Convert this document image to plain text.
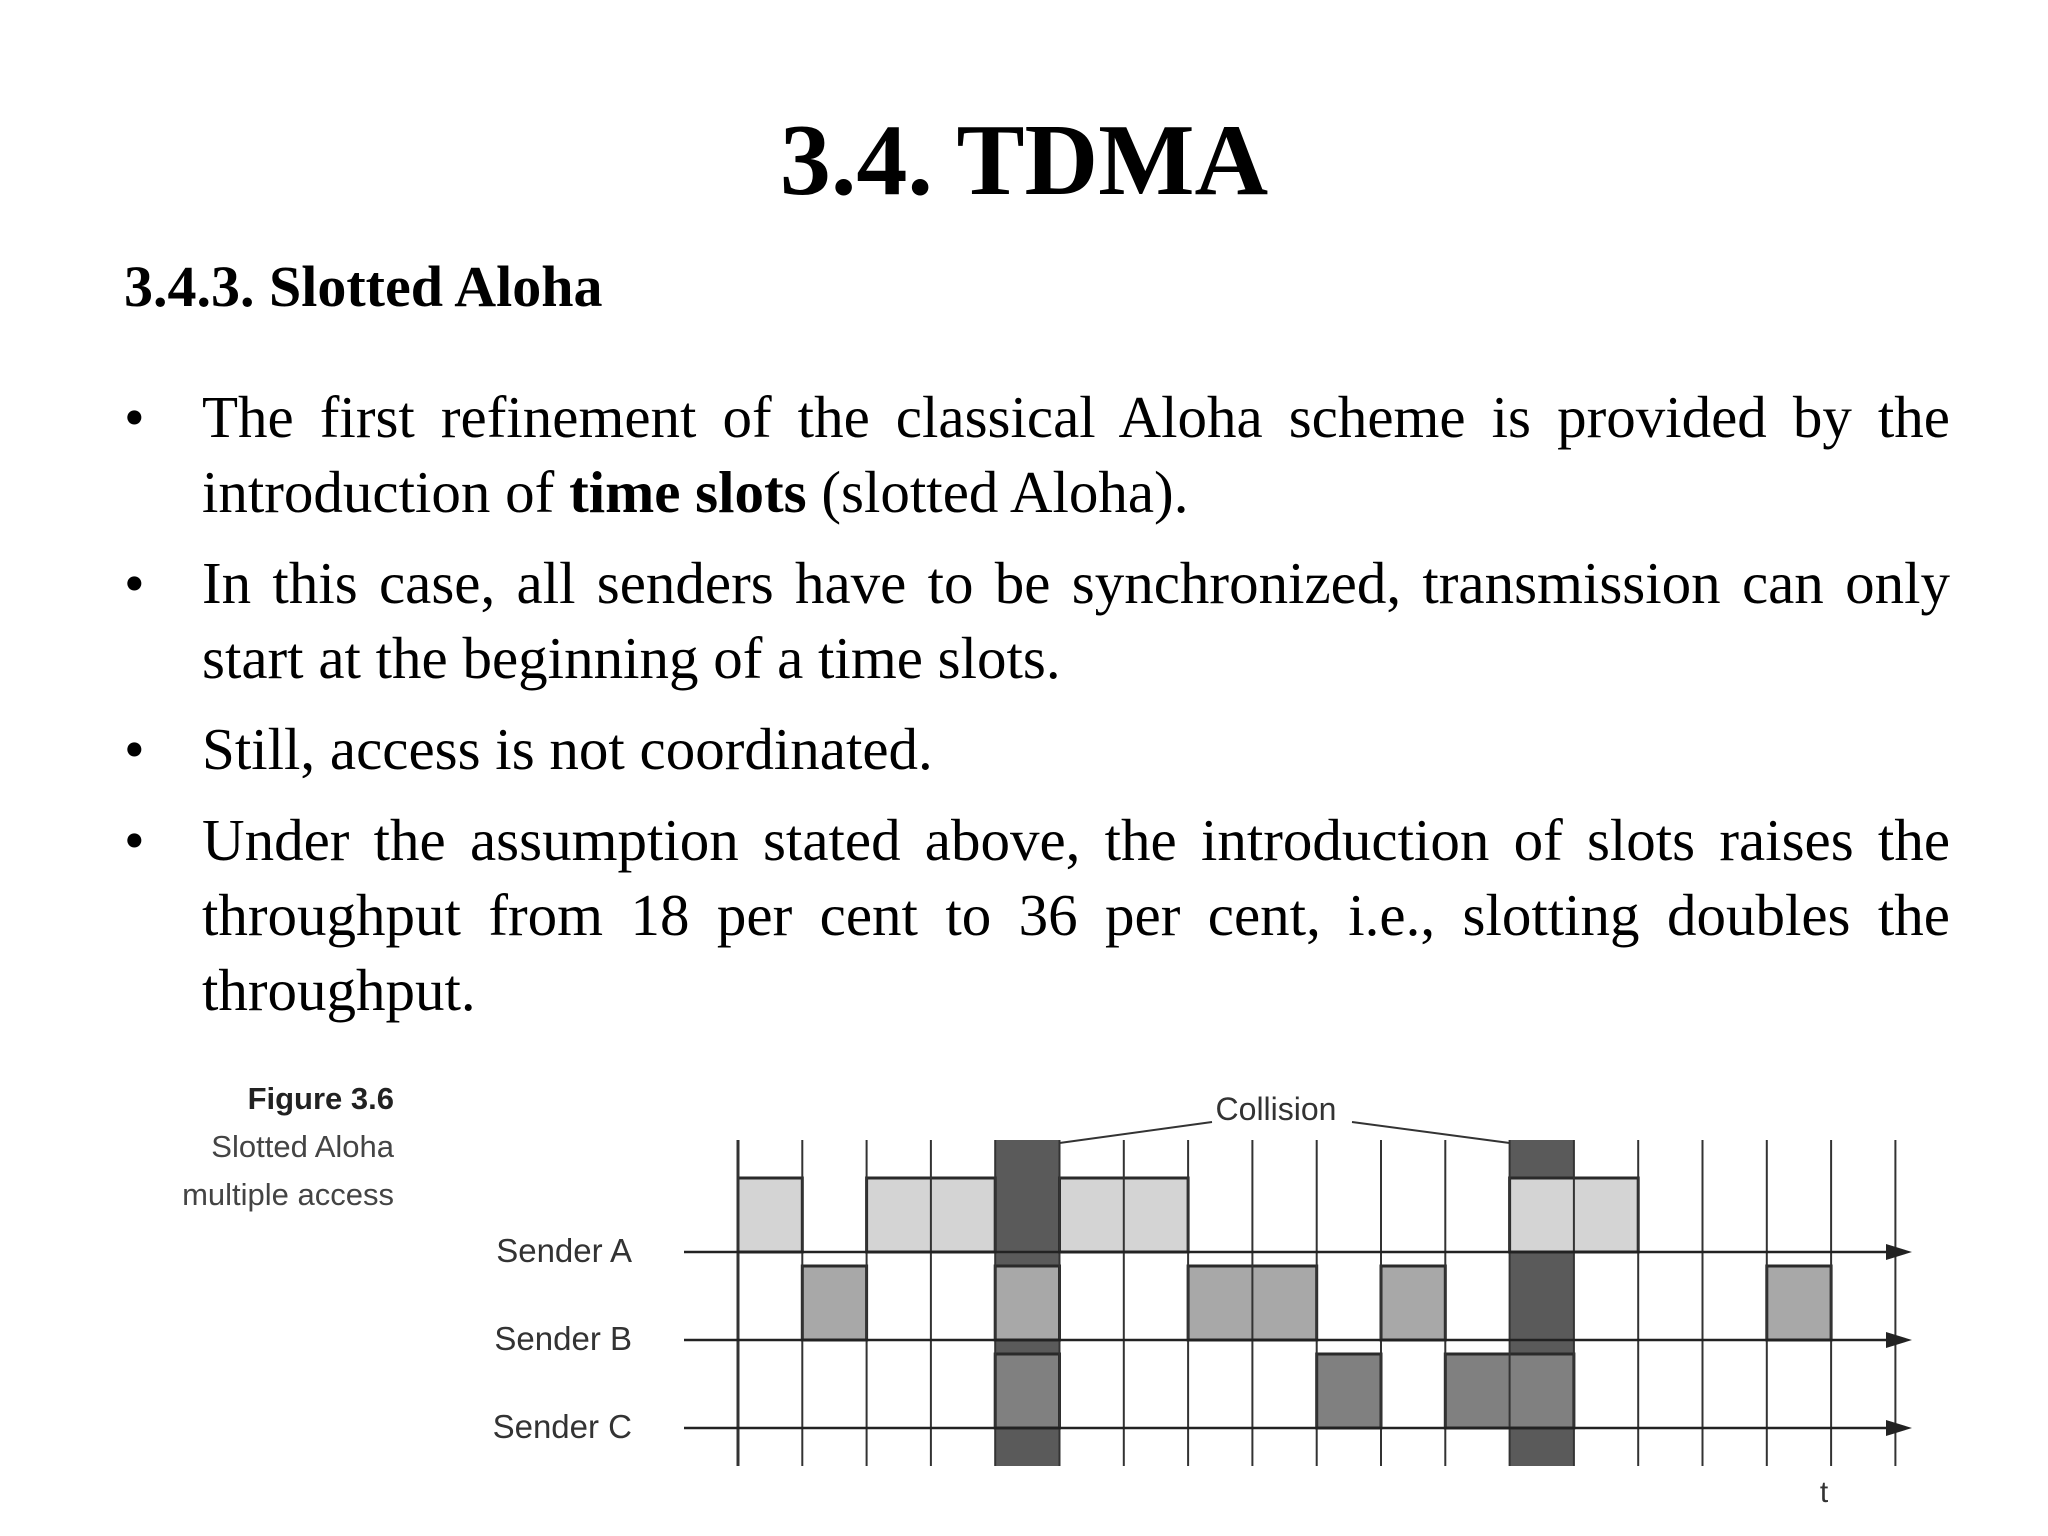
3.4. TDMA
3.4.3. Slotted Aloha
• The first refinement of the classical Aloha scheme is provided by the introduction of time slots (slotted Aloha).
• In this case, all senders have to be synchronized, transmission can only start at the beginning of a time slots.
• Still, access is not coordinated.
• Under the assumption stated above, the introduction of slots raises the throughput from 18 per cent to 36 per cent, i.e., slotting doubles the throughput.
Figure 3.6
Slotted Aloha
multiple access
Collision
t
Sender A
Sender B
Sender C
